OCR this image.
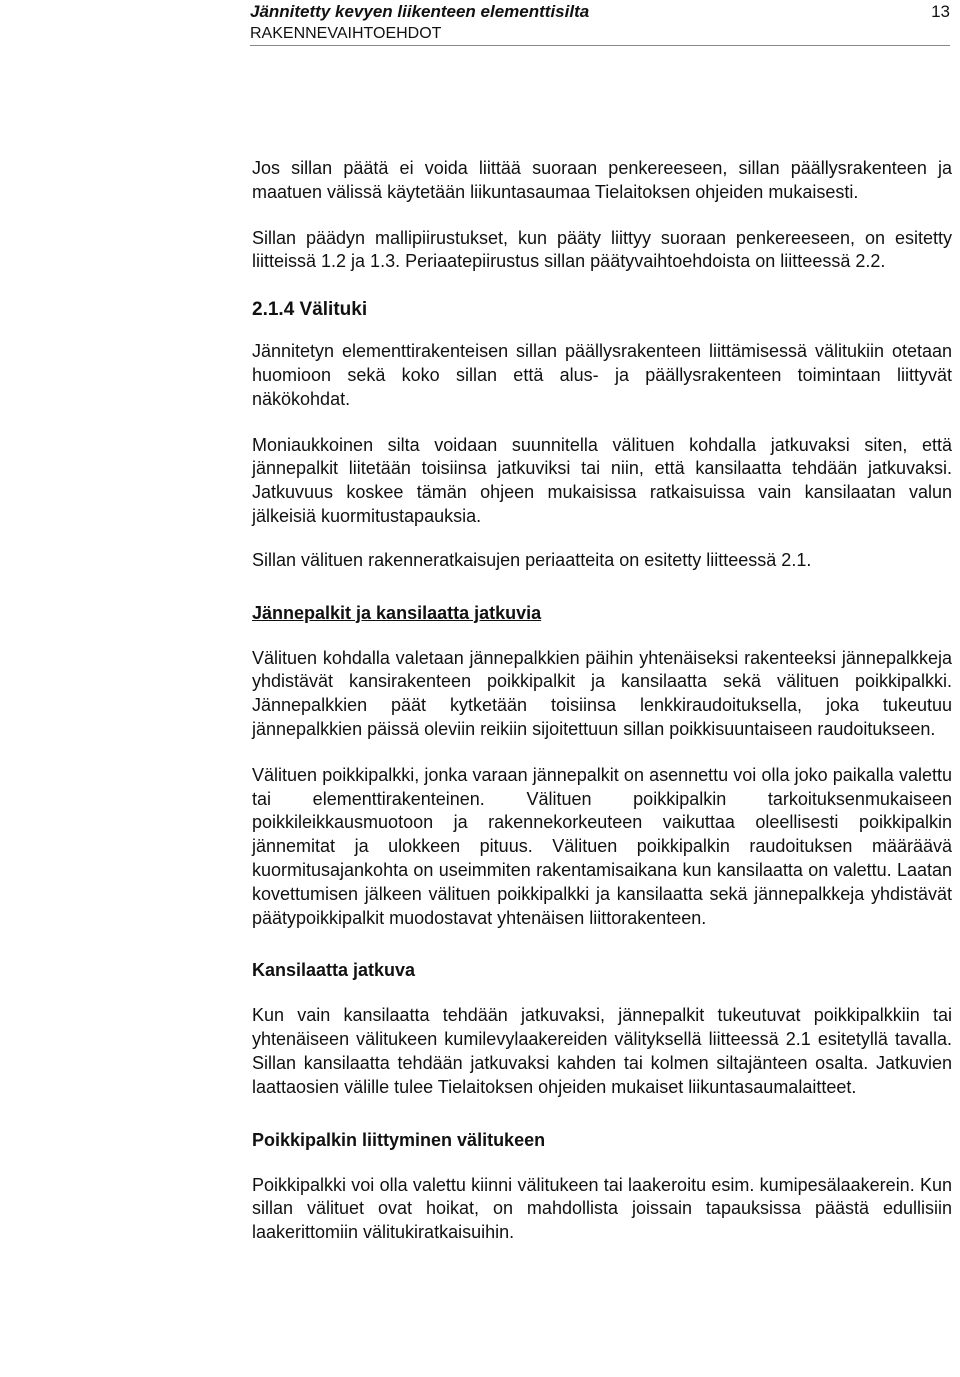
Jännitetty kevyen liikenteen elementtisilta
RAKENNEVAIHTOEHDOT
13

Jos sillan päätä ei voida liittää suoraan penkereeseen, sillan päällysrakenteen ja maatuen välissä käytetään liikuntasaumaa Tielaitoksen ohjeiden mukaisesti.

Sillan päädyn mallipiirustukset, kun pääty liittyy suoraan penkereeseen, on esitetty liitteissä 1.2 ja 1.3. Periaatepiirustus sillan päätyvaihtoehdoista on liitteessä 2.2.

2.1.4 Välituki

Jännitetyn elementtirakenteisen sillan päällysrakenteen liittämisessä välitukiin otetaan huomioon sekä koko sillan että alus- ja päällysrakenteen toimintaan liittyvät näkökohdat.

Moniaukkoinen silta voidaan suunnitella välituen kohdalla jatkuvaksi siten, että jännepalkit liitetään toisiinsa jatkuviksi tai niin, että kansilaatta tehdään jatkuvaksi. Jatkuvuus koskee tämän ohjeen mukaisissa ratkaisuissa vain kansilaatan valun jälkeisiä kuormitustapauksia.

Sillan välituen rakenneratkaisujen periaatteita on esitetty liitteessä 2.1.

Jännepalkit ja kansilaatta jatkuvia

Välituen kohdalla valetaan jännepalkkien päihin yhtenäiseksi rakenteeksi jännepalkkeja yhdistävät kansirakenteen poikkipalkit ja kansilaatta sekä välituen poikkipalkki. Jännepalkkien päät kytketään toisiinsa lenkkiraudoituksella, joka tukeutuu jännepalkkien päissä oleviin reikiin sijoitettuun sillan poikkisuuntaiseen raudoitukseen.

Välituen poikkipalkki, jonka varaan jännepalkit on asennettu voi olla joko paikalla valettu tai elementtirakenteinen. Välituen poikkipalkin tarkoituksenmukaiseen poikkileikkausmuotoon ja rakennekorkeuteen vaikuttaa oleellisesti poikkipalkin jännemitat ja ulokkeen pituus. Välituen poikkipalkin raudoituksen määräävä kuormitusajankohta on useimmiten rakentamisaikana kun kansilaatta on valettu. Laatan kovettumisen jälkeen välituen poikkipalkki ja kansilaatta sekä jännepalkkeja yhdistävät päätypoikkipalkit muodostavat yhtenäisen liittorakenteen.

Kansilaatta jatkuva

Kun vain kansilaatta tehdään jatkuvaksi, jännepalkit tukeutuvat poikkipalkkiin tai yhtenäiseen välitukeen kumilevylaakereiden välityksellä liitteessä 2.1 esitetyllä tavalla. Sillan kansilaatta tehdään jatkuvaksi kahden tai kolmen siltajänteen osalta. Jatkuvien laattaosien välille tulee Tielaitoksen ohjeiden mukaiset liikuntasaumalaitteet.

Poikkipalkin liittyminen välitukeen

Poikkipalkki voi olla valettu kiinni välitukeen tai laakeroitu esim. kumipesälaakerein. Kun sillan välituet ovat hoikat, on mahdollista joissain tapauksissa päästä edullisiin laakerittomiin välitukiratkaisuihin.
